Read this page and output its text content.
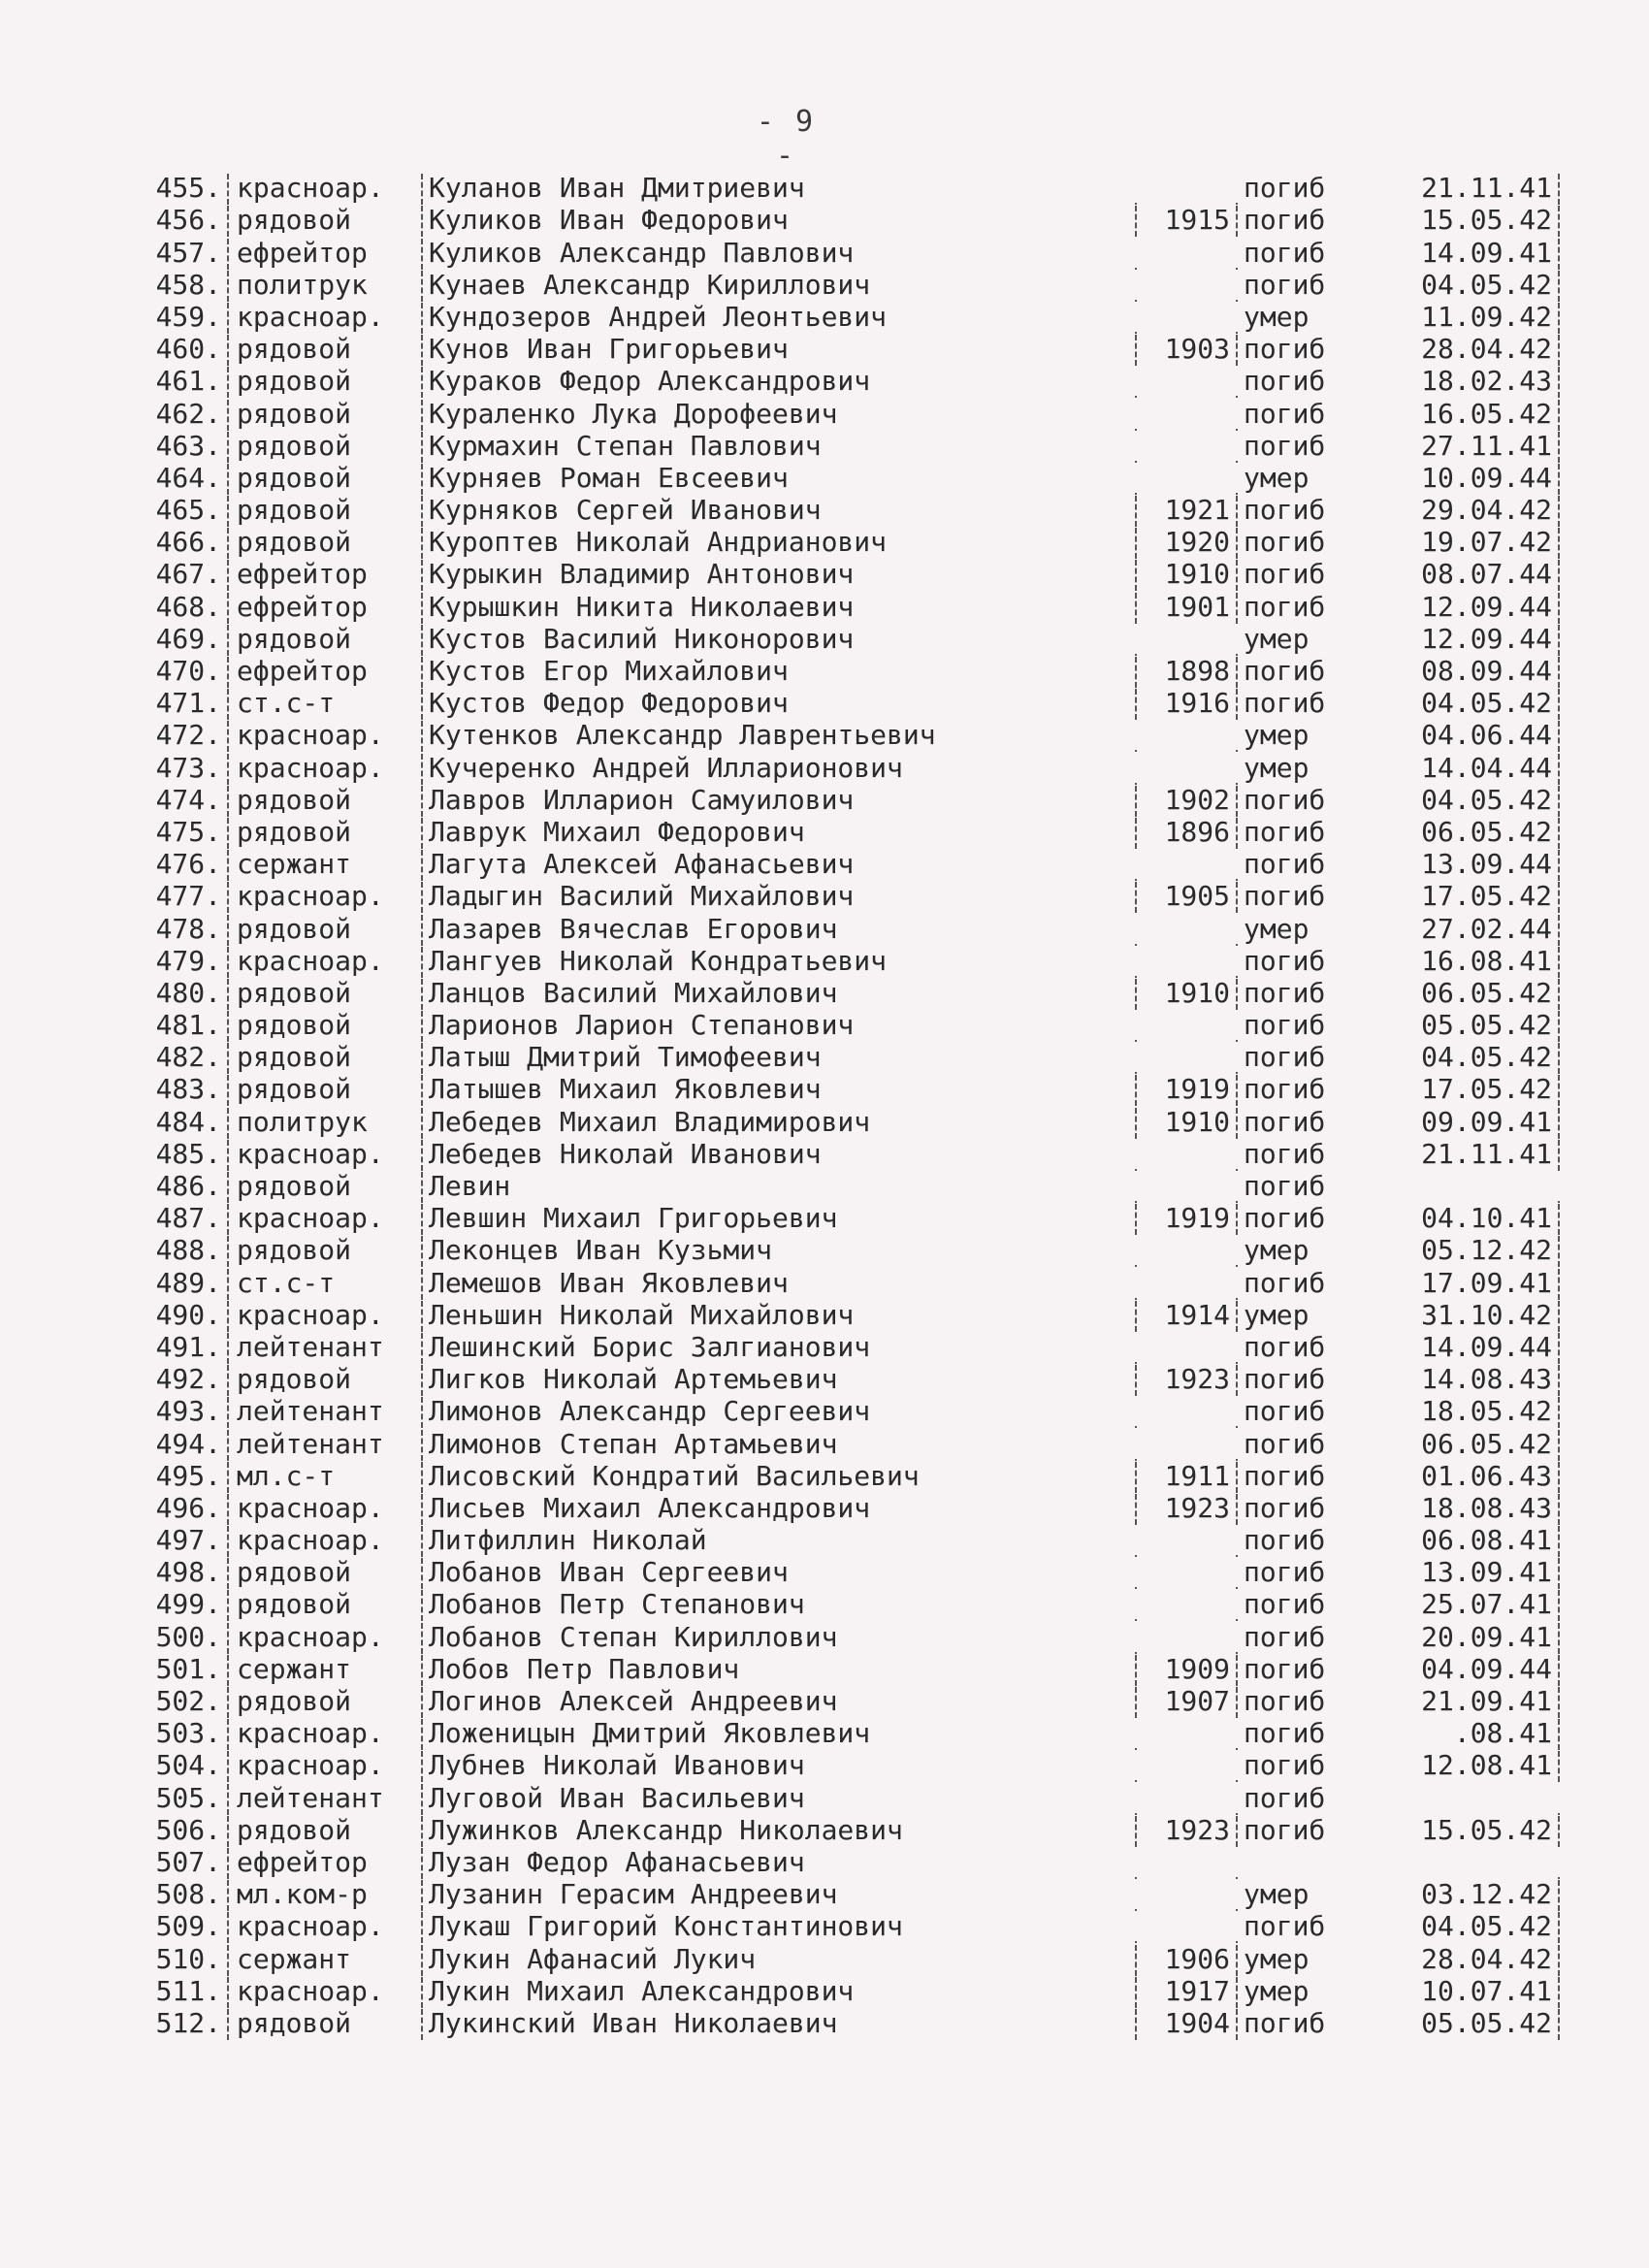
- 9 -
455. красноар.	Куланов Иван Дмитриевич	погиб	21.11.41
456. рядовой	Куликов Иван Федорович	1915 погиб	15.05.42
457. ефрейтор	Куликов Александр Павлович	погиб	14.09.41
458. политрук	Кунаев Александр Кириллович	погиб	04.05.42
459. красноар.	Кундозеров Андрей Леонтьевич	умер	11.09.42
460. рядовой	Кунов Иван Григорьевич	1903 погиб	28.04.42
461. рядовой	Кураков Федор Александрович	погиб	18.02.43
462. рядовой	Кураленко Лука Дорофеевич	погиб	16.05.42
463. рядовой	Курмахин Степан Павлович	погиб	27.11.41
464. рядовой	Курняев Роман Евсеевич	умер	10.09.44
465. рядовой	Курняков Сергей Иванович	1921 погиб	29.04.42
466. рядовой	Куроптев Николай Андрианович	1920 погиб	19.07.42
467. ефрейтор	Курыкин Владимир Антонович	1910 погиб	08.07.44
468. ефрейтор	Курышкин Никита Николаевич	1901 погиб	12.09.44
469. рядовой	Кустов Василий Никонорович	умер	12.09.44
470. ефрейтор	Кустов Егор Михайлович	1898 погиб	08.09.44
471. ст.с-т	Кустов Федор Федорович	1916 погиб	04.05.42
472. красноар.	Кутенков Александр Лаврентьевич	умер	04.06.44
473. красноар.	Кучеренко Андрей Илларионович	умер	14.04.44
474. рядовой	Лавров Илларион Самуилович	1902 погиб	04.05.42
475. рядовой	Лаврук Михаил Федорович	1896 погиб	06.05.42
476. сержант	Лагута Алексей Афанасьевич	погиб	13.09.44
477. красноар.	Ладыгин Василий Михайлович	1905 погиб	17.05.42
478. рядовой	Лазарев Вячеслав Егорович	умер	27.02.44
479. красноар.	Лангуев Николай Кондратьевич	погиб	16.08.41
480. рядовой	Ланцов Василий Михайлович	1910 погиб	06.05.42
481. рядовой	Ларионов Ларион Степанович	погиб	05.05.42
482. рядовой	Латыш Дмитрий Тимофеевич	погиб	04.05.42
483. рядовой	Латышев Михаил Яковлевич	1919 погиб	17.05.42
484. политрук	Лебедев Михаил Владимирович	1910 погиб	09.09.41
485. красноар.	Лебедев Николай Иванович	погиб	21.11.41
486. рядовой	Левин	погиб
487. красноар.	Левшин Михаил Григорьевич	1919 погиб	04.10.41
488. рядовой	Леконцев Иван Кузьмич	умер	05.12.42
489. ст.с-т	Лемешов Иван Яковлевич	погиб	17.09.41
490. красноар.	Леньшин Николай Михайлович	1914 умер	31.10.42
491. лейтенант	Лешинский Борис Залгианович	погиб	14.09.44
492. рядовой	Лигков Николай Артемьевич	1923 погиб	14.08.43
493. лейтенант	Лимонов Александр Сергеевич	погиб	18.05.42
494. лейтенант	Лимонов Степан Артамьевич	погиб	06.05.42
495. мл.с-т	Лисовский Кондратий Васильевич	1911 погиб	01.06.43
496. красноар.	Лисьев Михаил Александрович	1923 погиб	18.08.43
497. красноар.	Литфиллин Николай	погиб	06.08.41
498. рядовой	Лобанов Иван Сергеевич	погиб	13.09.41
499. рядовой	Лобанов Петр Степанович	погиб	25.07.41
500. красноар.	Лобанов Степан Кириллович	погиб	20.09.41
501. сержант	Лобов Петр Павлович	1909 погиб	04.09.44
502. рядовой	Логинов Алексей Андреевич	1907 погиб	21.09.41
503. красноар.	Ложеницын Дмитрий Яковлевич	погиб	.08.41
504. красноар.	Лубнев Николай Иванович	погиб	12.08.41
505. лейтенант	Луговой Иван Васильевич	погиб
506. рядовой	Лужинков Александр Николаевич	1923 погиб	15.05.42
507. ефрейтор	Лузан Федор Афанасьевич
508. мл.ком-р	Лузанин Герасим Андреевич	умер	03.12.42
509. красноар.	Лукаш Григорий Константинович	погиб	04.05.42
510. сержант	Лукин Афанасий Лукич	1906 умер	28.04.42
511. красноар.	Лукин Михаил Александрович	1917 умер	10.07.41
512. рядовой	Лукинский Иван Николаевич	1904 погиб	05.05.42
